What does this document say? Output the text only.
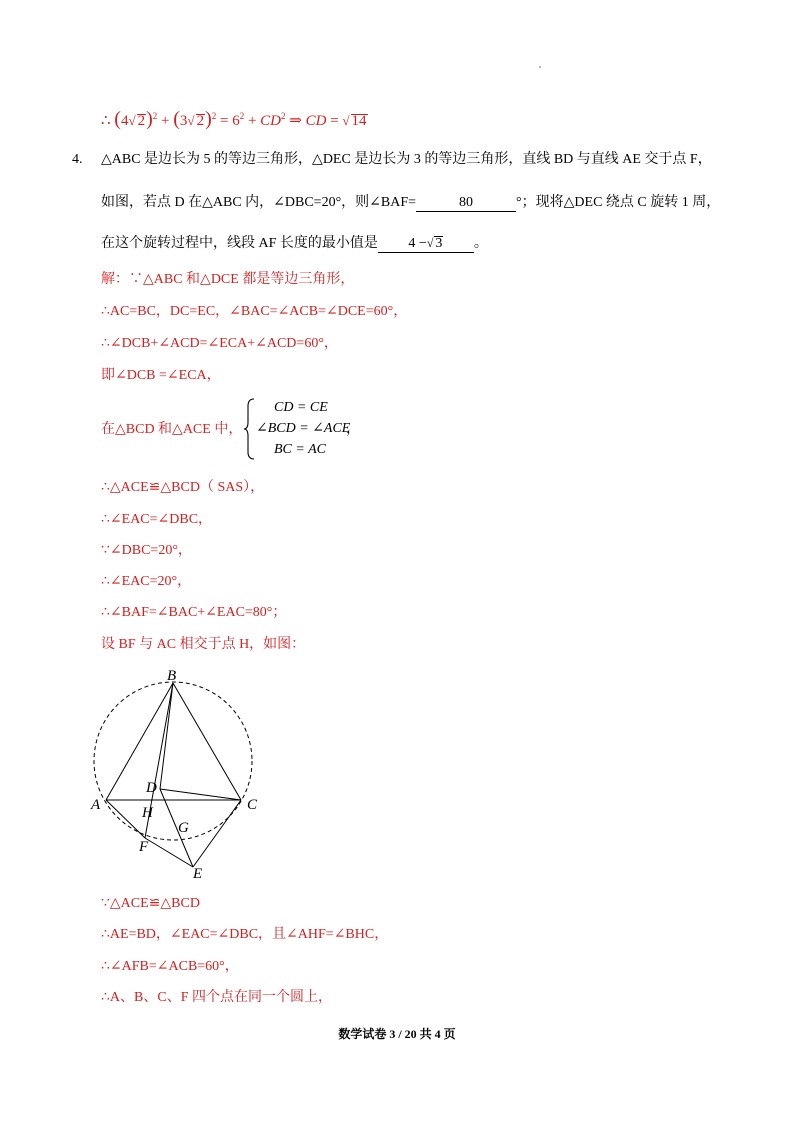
∴ (4√ 2)$^2$ + (3√ $2)^2 = 6^2 + CD^2$ ⇒ CD = √ 14
4. △ABC 是边长为 5 的等边三角形，△DEC 是边长为 3 的等边三角形，直线 BD 与直线 AE 交于点 F，
如图，若点 D 在△ABC 内，∠DBC=20°，则∠BAF=	80	°；现将△DEC 绕点 C 旋转 1 周，
在这个旋转过程中，线段 AF 长度的最小值是 4 −√ 3 。
解：∵△ABC 和△DCE 都是等边三角形，
∴AC=BC，DC=EC，∠BAC=∠ACB=∠DCE=60°，
∴∠DCB+∠ACD=∠ECA+∠ACD=60°，
即∠DCB =∠ECA，
在△BCD 和△ACE 中，
CD = CE
∠BCD = ∠ACE
BC = AC
，
∴△ACE≌△BCD（ SAS），
∴∠EAC=∠DBC，
∵∠DBC=20°，
∴∠EAC=20°，
∴∠BAF=∠BAC+∠EAC=80°；
设 BF 与 AC 相交于点 H，如图：
B
A	C
D
H
G
F
E
∵△ACE≌△BCD
∴AE=BD，∠EAC=∠DBC，且∠AHF=∠BHC，
∴∠AFB=∠ACB=60°，
∴A、B、C、F 四个点在同一个圆上，
数学试卷 3 / 20 共 4 页
